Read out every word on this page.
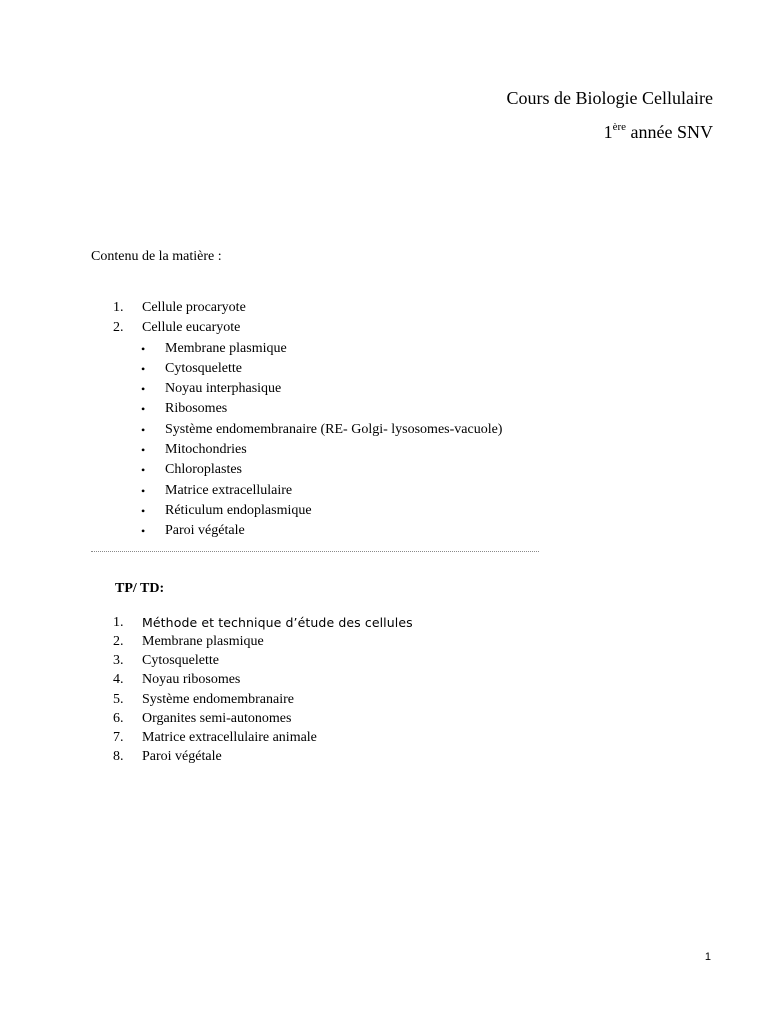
Cours de Biologie Cellulaire
1ère année SNV
Contenu de la matière :
1.	Cellule procaryote
2.	Cellule eucaryote
• Membrane plasmique
• Cytosquelette
• Noyau interphasique
• Ribosomes
• Système endomembranaire (RE- Golgi- lysosomes-vacuole)
• Mitochondries
• Chloroplastes
• Matrice extracellulaire
• Réticulum endoplasmique
• Paroi végétale
TP/ TD:
1.	Méthode et technique d’étude des cellules
2.	Membrane plasmique
3.	Cytosquelette
4.	Noyau ribosomes
5.	Système endomembranaire
6.	Organites semi-autonomes
7.	Matrice extracellulaire animale
8.	Paroi végétale
1
